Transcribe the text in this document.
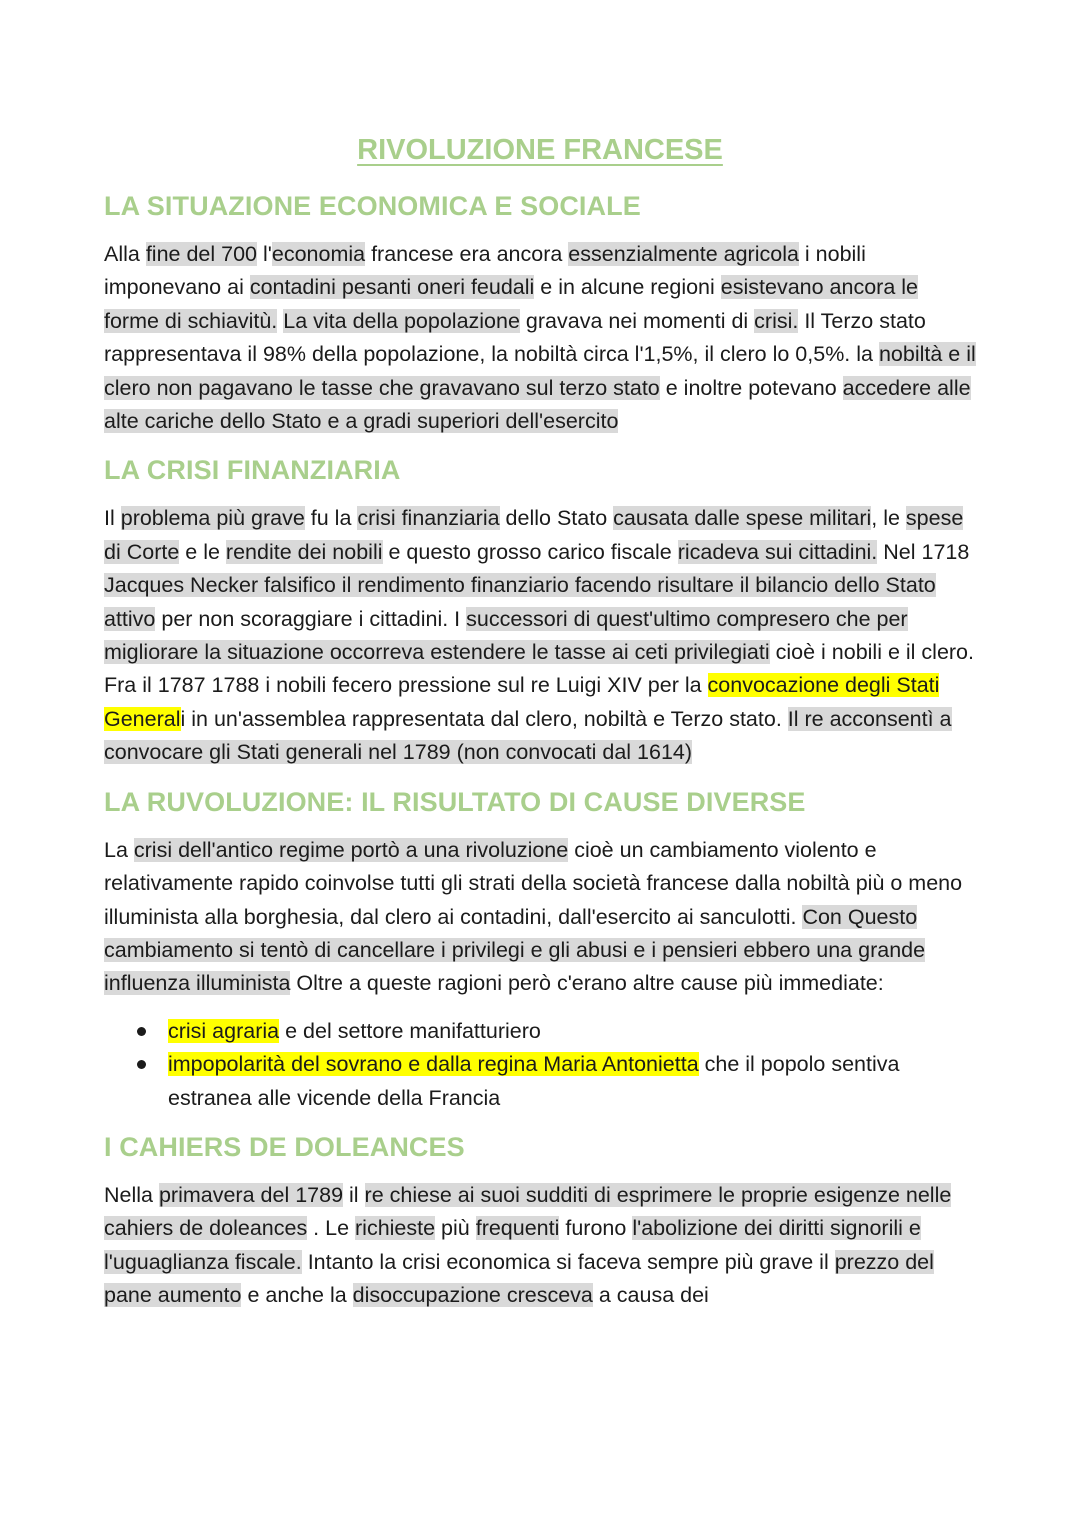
RIVOLUZIONE FRANCESE
LA SITUAZIONE ECONOMICA E SOCIALE

Alla fine del 700 l'economia francese era ancora essenzialmente agricola i nobili imponevano ai contadini pesanti oneri feudali e in alcune regioni esistevano ancora le forme di schiavitù. La vita della popolazione gravava nei momenti di crisi. Il Terzo stato rappresentava il 98% della popolazione, la nobiltà circa l'1,5%, il clero lo 0,5%. la nobiltà e il clero non pagavano le tasse che gravavano sul terzo stato e inoltre potevano accedere alle alte cariche dello Stato e a gradi superiori dell'esercito

LA CRISI FINANZIARIA

Il problema più grave fu la crisi finanziaria dello Stato causata dalle spese militari, le spese di Corte e le rendite dei nobili e questo grosso carico fiscale ricadeva sui cittadini. Nel 1718 Jacques Necker falsifico il rendimento finanziario facendo risultare il bilancio dello Stato attivo per non scoraggiare i cittadini. I successori di quest'ultimo compresero che per migliorare la situazione occorreva estendere le tasse ai ceti privilegiati cioè i nobili e il clero. Fra il 1787 1788 i nobili fecero pressione sul re Luigi XIV per la convocazione degli Stati Generali in un'assemblea rappresentata dal clero, nobiltà e Terzo stato. Il re acconsentì a convocare gli Stati generali nel 1789 (non convocati dal 1614)

LA RUVOLUZIONE: IL RISULTATO DI CAUSE DIVERSE

La crisi dell'antico regime portò a una rivoluzione cioè un cambiamento violento e relativamente rapido coinvolse tutti gli strati della società francese dalla nobiltà più o meno illuminista alla borghesia, dal clero ai contadini, dall'esercito ai sanculotti. Con Questo cambiamento si tentò di cancellare i privilegi e gli abusi e i pensieri ebbero una grande influenza illuminista Oltre a queste ragioni però c'erano altre cause più immediate:

crisi agraria e del settore manifatturiero
impopolarità del sovrano e dalla regina Maria Antonietta che il popolo sentiva estranea alle vicende della Francia
I CAHIERS DE DOLEANCES

Nella primavera del 1789 il re chiese ai suoi sudditi di esprimere le proprie esigenze nelle cahiers de doleances . Le richieste più frequenti furono l'abolizione dei diritti signorili e l'uguaglianza fiscale. Intanto la crisi economica si faceva sempre più grave il prezzo del pane aumento e anche la disoccupazione cresceva a causa dei
